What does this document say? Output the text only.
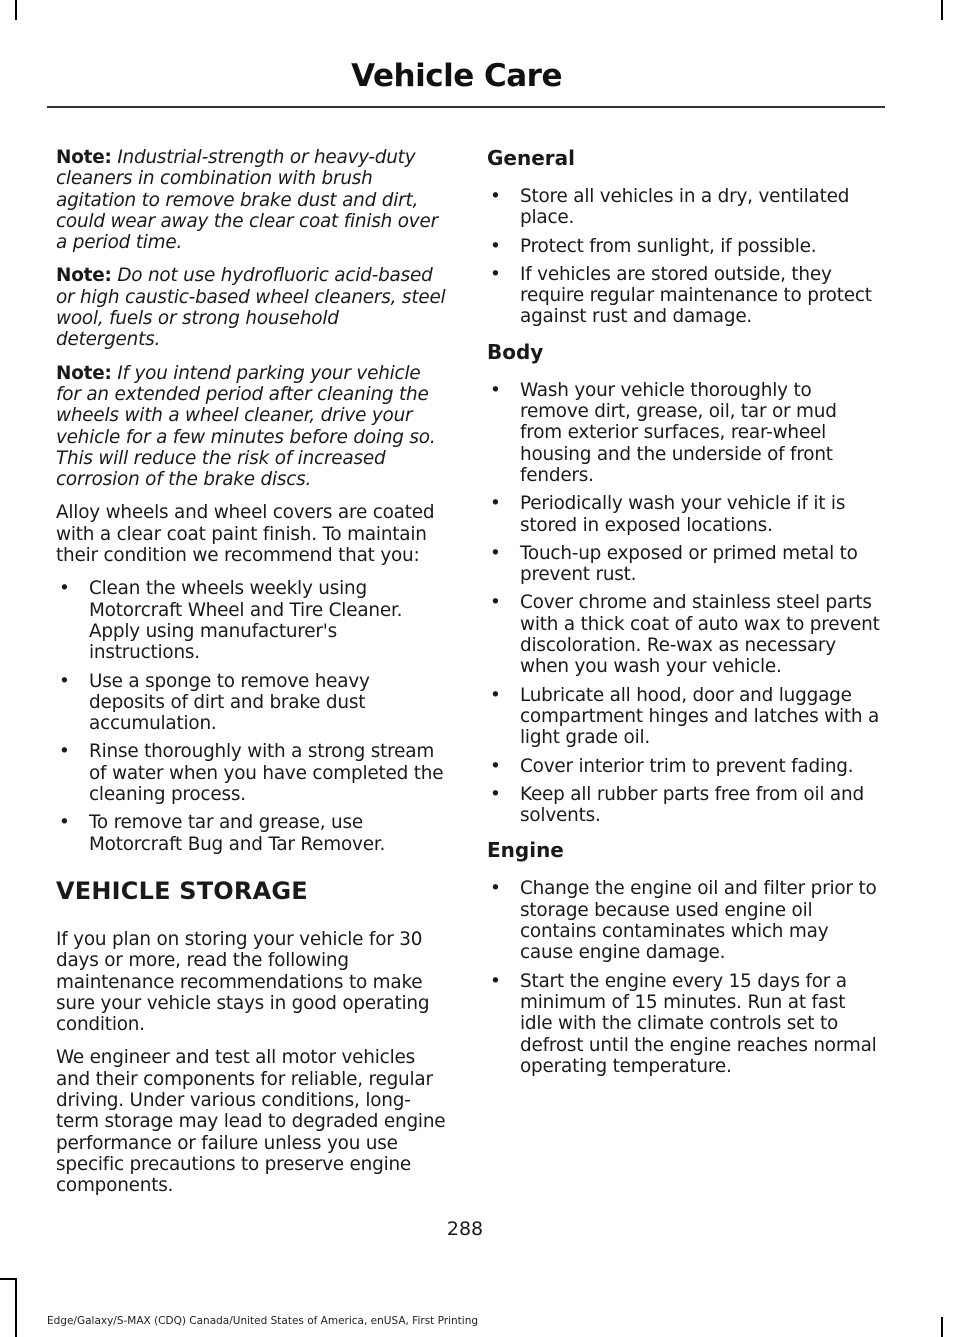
Vehicle Care

Note: Industrial-strength or heavy-duty cleaners in combination with brush agitation to remove brake dust and dirt, could wear away the clear coat finish over a period time.

Note: Do not use hydrofluoric acid-based or high caustic-based wheel cleaners, steel wool, fuels or strong household detergents.

Note: If you intend parking your vehicle for an extended period after cleaning the wheels with a wheel cleaner, drive your vehicle for a few minutes before doing so. This will reduce the risk of increased corrosion of the brake discs.

Alloy wheels and wheel covers are coated with a clear coat paint finish. To maintain their condition we recommend that you:

• Clean the wheels weekly using Motorcraft Wheel and Tire Cleaner. Apply using manufacturer's instructions.
• Use a sponge to remove heavy deposits of dirt and brake dust accumulation.
• Rinse thoroughly with a strong stream of water when you have completed the cleaning process.
• To remove tar and grease, use Motorcraft Bug and Tar Remover.
VEHICLE STORAGE

If you plan on storing your vehicle for 30 days or more, read the following maintenance recommendations to make sure your vehicle stays in good operating condition.

We engineer and test all motor vehicles and their components for reliable, regular driving. Under various conditions, long-term storage may lead to degraded engine performance or failure unless you use specific precautions to preserve engine components.

General
• Store all vehicles in a dry, ventilated place.
• Protect from sunlight, if possible.
• If vehicles are stored outside, they require regular maintenance to protect against rust and damage.
Body
• Wash your vehicle thoroughly to remove dirt, grease, oil, tar or mud from exterior surfaces, rear-wheel housing and the underside of front fenders.
• Periodically wash your vehicle if it is stored in exposed locations.
• Touch-up exposed or primed metal to prevent rust.
• Cover chrome and stainless steel parts with a thick coat of auto wax to prevent discoloration. Re-wax as necessary when you wash your vehicle.
• Lubricate all hood, door and luggage compartment hinges and latches with a light grade oil.
• Cover interior trim to prevent fading.
• Keep all rubber parts free from oil and solvents.
Engine
• Change the engine oil and filter prior to storage because used engine oil contains contaminates which may cause engine damage.
• Start the engine every 15 days for a minimum of 15 minutes. Run at fast idle with the climate controls set to defrost until the engine reaches normal operating temperature.
288
Edge/Galaxy/S-MAX (CDQ) Canada/United States of America, enUSA, First Printing
